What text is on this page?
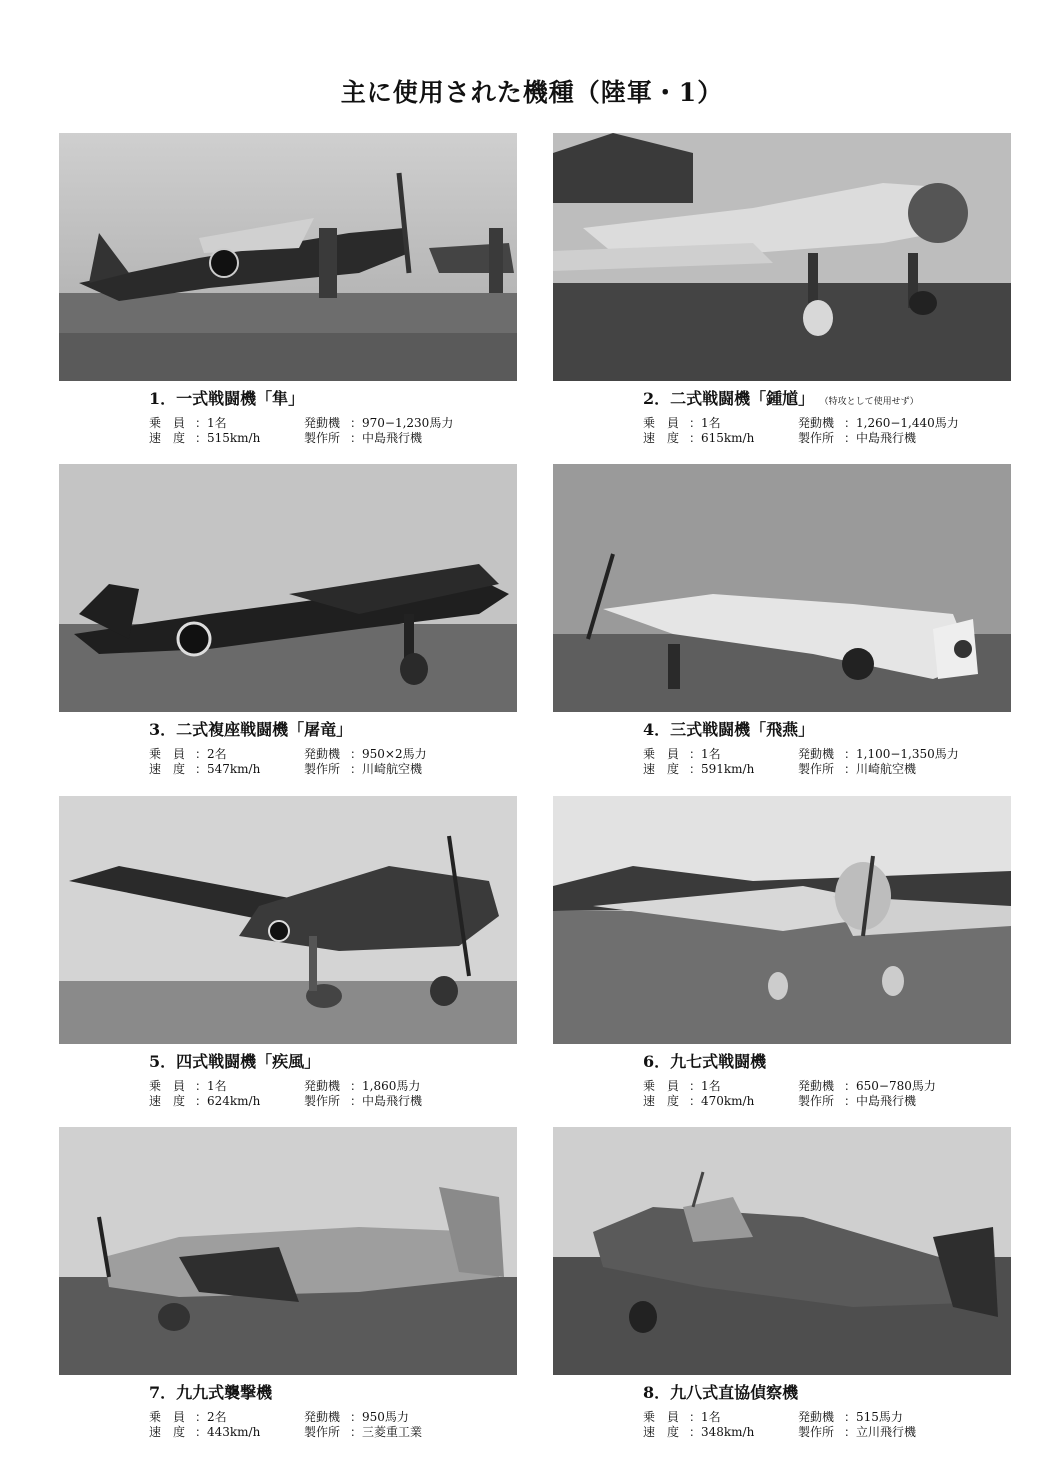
主に使用された機種（陸軍・1）
1．一式戦闘機「隼」
乗　員 ：1名	発動機 ：970−1,230馬力
速　度 ：515km/h	製作所 ：中島飛行機
2．二式戦闘機「鍾馗」 （特攻として使用せず）
乗　員 ：1名	発動機 ：1,260−1,440馬力
速　度 ：615km/h	製作所 ：中島飛行機
3．二式複座戦闘機「屠竜」
乗　員 ：2名	発動機 ：950×2馬力
速　度 ：547km/h	製作所 ：川崎航空機
4．三式戦闘機「飛燕」
乗　員 ：1名	発動機 ：1,100−1,350馬力
速　度 ：591km/h	製作所 ：川崎航空機
5．四式戦闘機「疾風」
乗　員 ：1名	発動機 ：1,860馬力
速　度 ：624km/h	製作所 ：中島飛行機
6．九七式戦闘機
乗　員 ：1名	発動機 ：650−780馬力
速　度 ：470km/h	製作所 ：中島飛行機
7．九九式襲撃機
乗　員 ：2名	発動機 ：950馬力
速　度 ：443km/h	製作所 ：三菱重工業
8．九八式直協偵察機
乗　員 ：1名	発動機 ：515馬力
速　度 ：348km/h	製作所 ：立川飛行機
